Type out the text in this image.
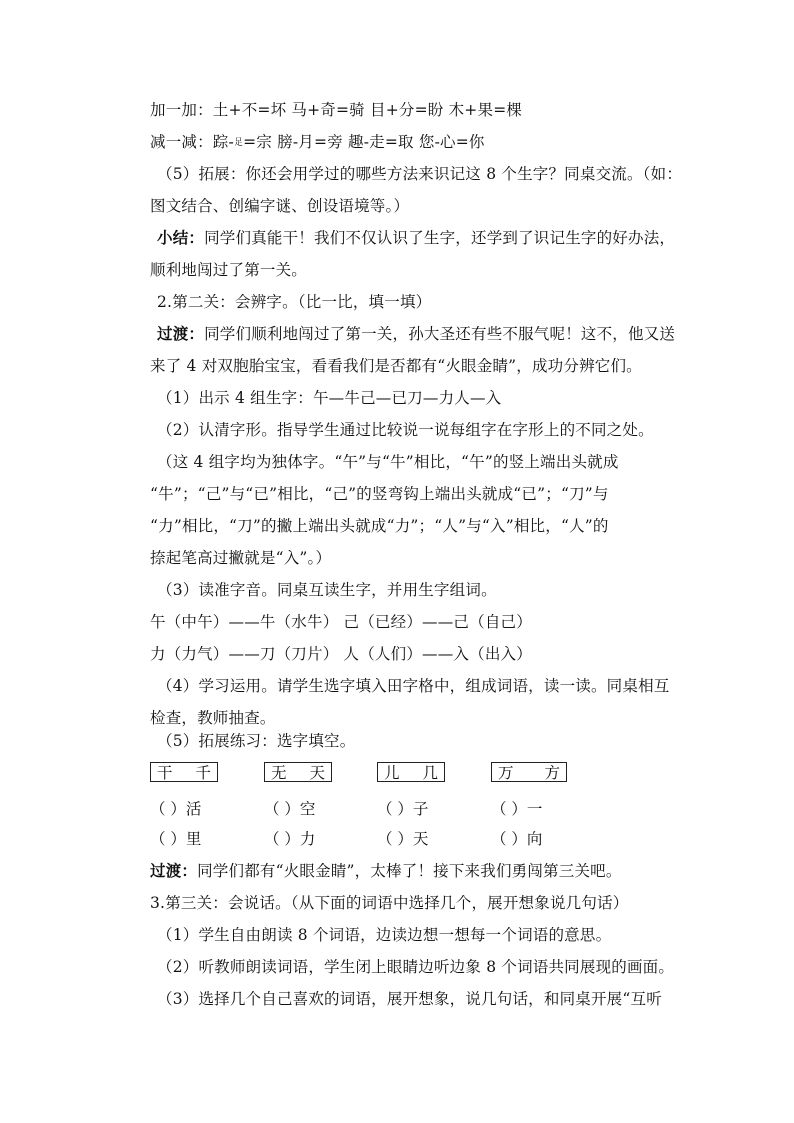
加一加：土+不=坏 马+奇=骑 目+分=盼 木+果=棵
减一减：踪-足=宗 膀-月=旁 趣-走=取 您-心=你
（5）拓展：你还会用学过的哪些方法来识记这 8 个生字？同桌交流。（如：
图文结合、创编字谜、创设语境等。）
小结：同学们真能干！我们不仅认识了生字，还学到了识记生字的好办法，
顺利地闯过了第一关。
2.第二关：会辨字。（比一比，填一填）
过渡：同学们顺利地闯过了第一关，孙大圣还有些不服气呢！这不，他又送
来了 4 对双胞胎宝宝，看看我们是否都有“火眼金睛”，成功分辨它们。
（1）出示 4 组生字：午—牛己—已刀—力人—入
（2）认清字形。指导学生通过比较说一说每组字在字形上的不同之处。
（这 4 组字均为独体字。“午”与“牛”相比，“午”的竖上端出头就成
“牛”；“己”与“已”相比，“己”的竖弯钩上端出头就成“已”；“刀”与
“力”相比，“刀”的撇上端出头就成“力”；“人”与“入”相比，“人”的
捺起笔高过撇就是“入”。）
（3）读准字音。同桌互读生字，并用生字组词。
午（中午）——牛（水牛） 己（已经）——己（自己）
力（力气）——刀（刀片） 人（人们）——入（出入）
（4）学习运用。请学生选字填入田字格中，组成词语，读一读。同桌相互
检查，教师抽查。
（5）拓展练习：选字填空。
干 千	无 天	儿 几	万 方
（ ）活	（ ）空	（ ）子	（ ）一
（ ）里	（ ）力	（ ）天	（ ）向
过渡：同学们都有“火眼金睛”，太棒了！接下来我们勇闯第三关吧。
3.第三关：会说话。（从下面的词语中选择几个，展开想象说几句话）
（1）学生自由朗读 8 个词语，边读边想一想每一个词语的意思。
（2）听教师朗读词语，学生闭上眼睛边听边象 8 个词语共同展现的画面。
（3）选择几个自己喜欢的词语，展开想象，说几句话，和同桌开展“互听
